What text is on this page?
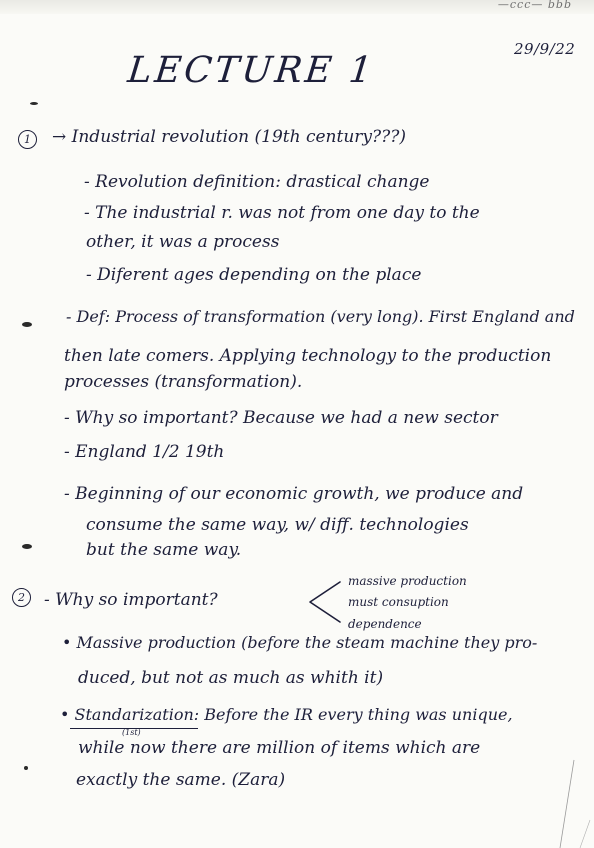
—ccc— bbb
29/9/22
LECTURE 1
1	→ Industrial revolution (19th century???)
- Revolution definition: drastical change
- The industrial r. was not from one day to the
other, it was a process
- Diferent ages depending on the place
- Def: Process of transformation (very long). First England and
then late comers. Applying technology to the production
processes (transformation).
- Why so important? Because we had a new sector
- England 1/2 19th
- Beginning of our economic growth, we produce and
consume the same way, w/ diff. technologies
but the same way.
2	- Why so important?
massive production
must consuption
dependence
• Massive production (before the steam machine they pro-
duced, but not as much as whith it)
• Standarization: Before the IR every thing was unique,
(1st)
while now there are million of items which are
exactly the same. (Zara)
